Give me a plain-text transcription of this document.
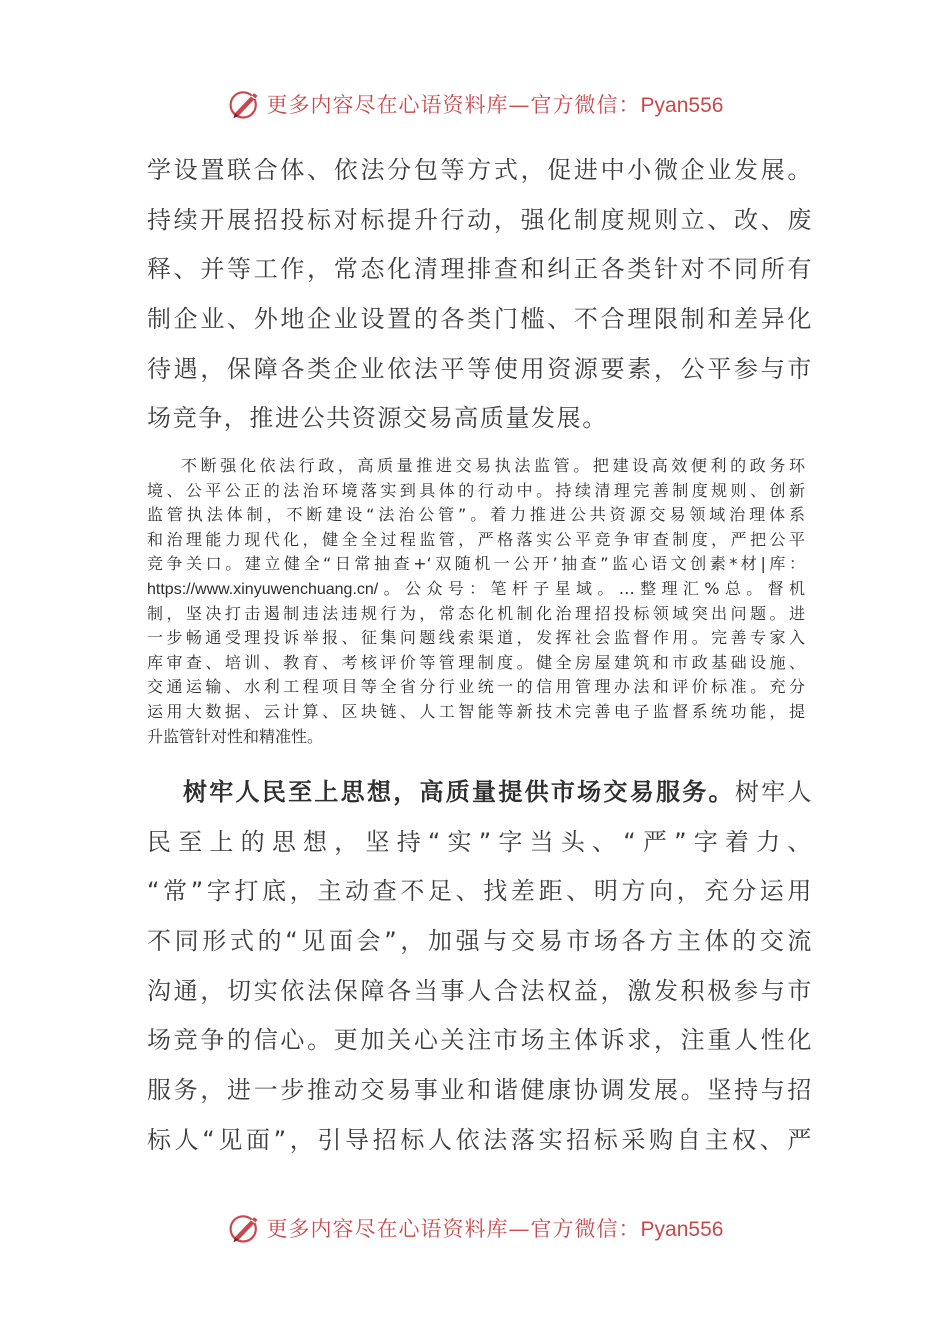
更多内容尽在心语资料库—官方微信：Pyan556
学设置联合体、依法分包等方式，促进中小微企业发展。
持续开展招投标对标提升行动，强化制度规则立、改、废
释、并等工作，常态化清理排查和纠正各类针对不同所有
制企业、外地企业设置的各类门槛、不合理限制和差异化
待遇，保障各类企业依法平等使用资源要素，公平参与市
场竞争，推进公共资源交易高质量发展。
不断强化依法行政，高质量推进交易执法监管。把建设高效便利的政务环
境、公平公正的法治环境落实到具体的行动中。持续清理完善制度规则、创新
监管执法体制，不断建设“法治公管”。着力推进公共资源交易领域治理体系
和治理能力现代化，健全全过程监管，严格落实公平竞争审查制度，严把公平
竞争关口。建立健全“日常抽查+‘双随机一公开’抽查”监心语文创素*材|库：
https://www.xinyuwenchuang.cn/。公众号：笔杆子星域。…整理汇%总。督机
制，坚决打击遏制违法违规行为，常态化机制化治理招投标领域突出问题。进
一步畅通受理投诉举报、征集问题线索渠道，发挥社会监督作用。完善专家入
库审查、培训、教育、考核评价等管理制度。健全房屋建筑和市政基础设施、
交通运输、水利工程项目等全省分行业统一的信用管理办法和评价标准。充分
运用大数据、云计算、区块链、人工智能等新技术完善电子监督系统功能，提
升监管针对性和精准性。
树牢人民至上思想，高质量提供市场交易服务。树牢人
民至上的思想，坚持“实”字当头、“严”字着力、
“常”字打底，主动查不足、找差距、明方向，充分运用
不同形式的“见面会”，加强与交易市场各方主体的交流
沟通，切实依法保障各当事人合法权益，激发积极参与市
场竞争的信心。更加关心关注市场主体诉求，注重人性化
服务，进一步推动交易事业和谐健康协调发展。坚持与招
标人“见面”，引导招标人依法落实招标采购自主权、严
更多内容尽在心语资料库—官方微信：Pyan556
